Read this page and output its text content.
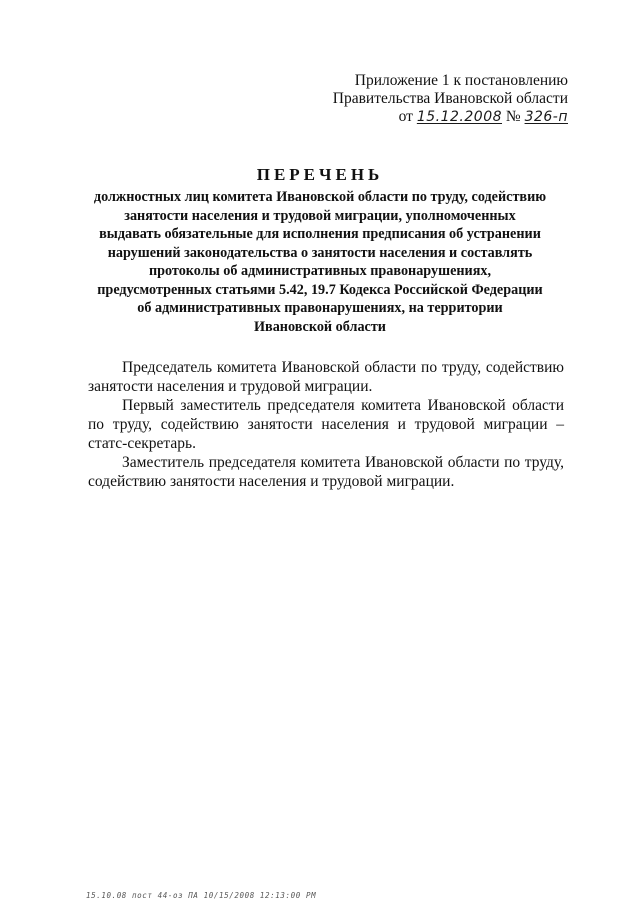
Приложение 1 к постановлению
Правительства Ивановской области
от 15.12.2008 № 326-п
ПЕРЕЧЕНЬ
должностных лиц комитета Ивановской области по труду, содействию
занятости населения и трудовой миграции, уполномоченных
выдавать обязательные для исполнения предписания об устранении
нарушений законодательства о занятости населения и составлять
протоколы об административных правонарушениях,
предусмотренных статьями 5.42, 19.7 Кодекса Российской Федерации
об административных правонарушениях, на территории
Ивановской области

Председатель комитета Ивановской области по труду, содействию занятости населения и трудовой миграции.

Первый заместитель председателя комитета Ивановской области по труду, содействию занятости населения и трудовой миграции – статс-секретарь.

Заместитель председателя комитета Ивановской области по труду, содействию занятости населения и трудовой миграции.

15.10.08 пост 44-оз ПА 10/15/2008 12:13:00 PM
